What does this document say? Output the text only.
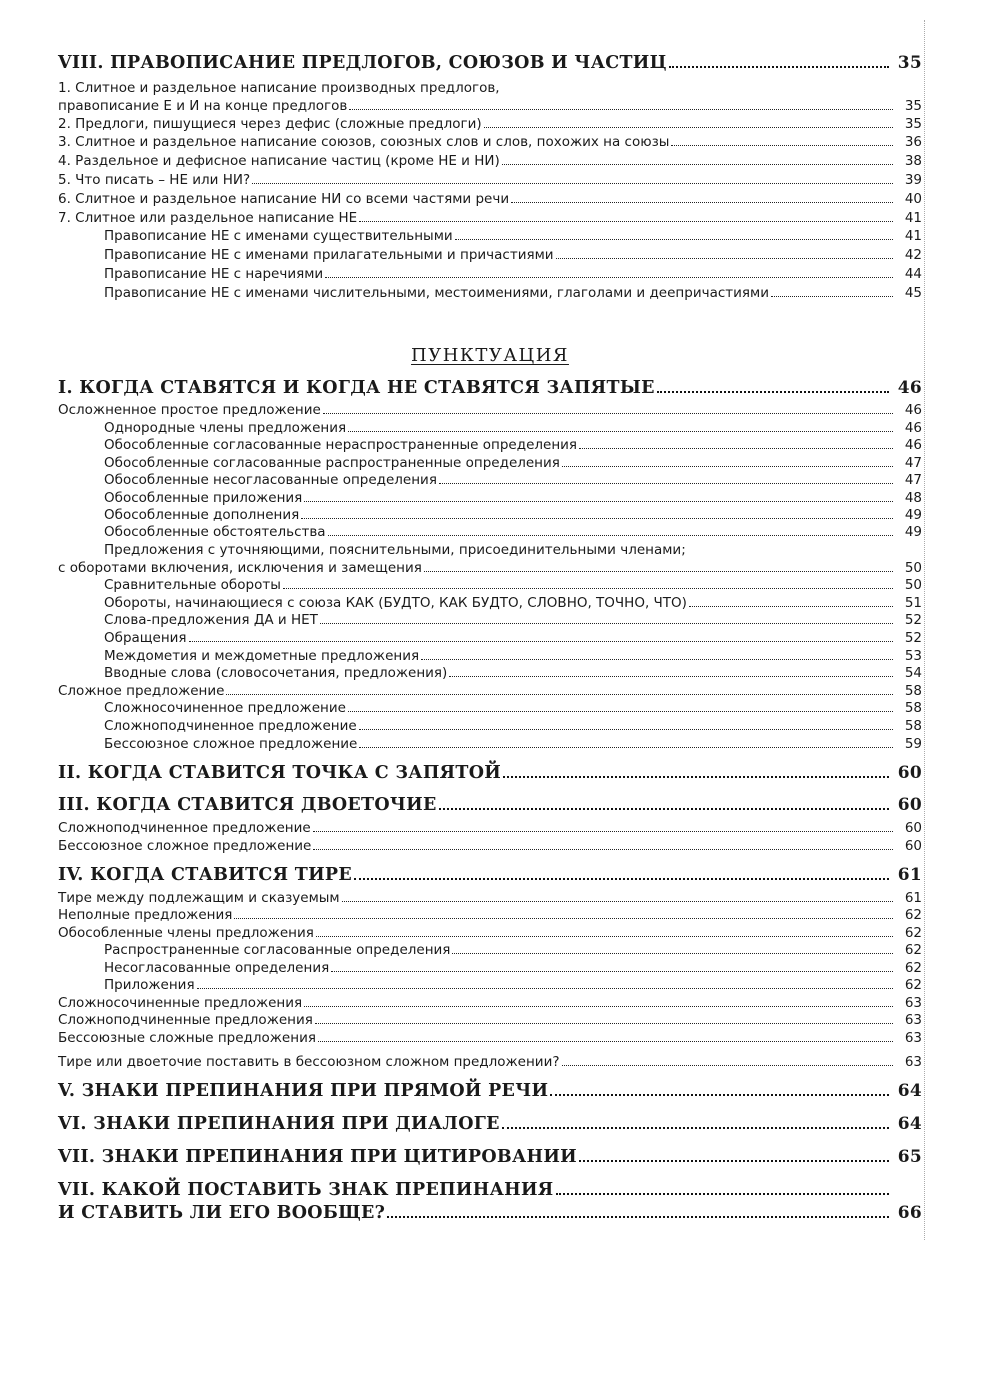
ПУНКТУАЦИЯ
VIII. ПРАВОПИСАНИЕ ПРЕДЛОГОВ, СОЮЗОВ И ЧАСТИЦ	35
1. Слитное и раздельное написание производных предлогов,
правописание Е и И на конце предлогов	35
2. Предлоги, пишущиеся через дефис (сложные предлоги)	35
3. Слитное и раздельное написание союзов, союзных слов и слов, похожих на союзы	36
4. Раздельное и дефисное написание частиц (кроме НЕ и НИ)	38
5. Что писать – НЕ или НИ?	39
6. Слитное и раздельное написание НИ со всеми частями речи	40
7. Слитное или раздельное написание НЕ	41
Правописание НЕ с именами существительными	41
Правописание НЕ с именами прилагательными и причастиями	42
Правописание НЕ с наречиями	44
Правописание НЕ с именами числительными, местоимениями, глаголами и деепричастиями	45
I. КОГДА СТАВЯТСЯ И КОГДА НЕ СТАВЯТСЯ ЗАПЯТЫЕ	46
Осложненное простое предложение	46
Однородные члены предложения	46
Обособленные согласованные нераспространенные определения	46
Обособленные согласованные распространенные определения	47
Обособленные несогласованные определения	47
Обособленные приложения	48
Обособленные дополнения	49
Обособленные обстоятельства	49
Предложения с уточняющими, пояснительными, присоединительными членами;
с оборотами включения, исключения и замещения	50
Сравнительные обороты	50
Обороты, начинающиеся с союза КАК (БУДТО, КАК БУДТО, СЛОВНО, ТОЧНО, ЧТО)	51
Слова-предложения ДА и НЕТ	52
Обращения	52
Междометия и междометные предложения	53
Вводные слова (словосочетания, предложения)	54
Сложное предложение	58
Сложносочиненное предложение	58
Сложноподчиненное предложение	58
Бессоюзное сложное предложение	59
II. КОГДА СТАВИТСЯ ТОЧКА С ЗАПЯТОЙ	60
III. КОГДА СТАВИТСЯ ДВОЕТОЧИЕ	60
Сложноподчиненное предложение	60
Бессоюзное сложное предложение	60
IV. КОГДА СТАВИТСЯ ТИРЕ	61
Тире между подлежащим и сказуемым	61
Неполные предложения	62
Обособленные члены предложения	62
Распространенные согласованные определения	62
Несогласованные определения	62
Приложения	62
Сложносочиненные предложения	63
Сложноподчиненные предложения	63
Бессоюзные сложные предложения	63
Тире или двоеточие поставить в бессоюзном сложном предложении?	63
V. ЗНАКИ ПРЕПИНАНИЯ ПРИ ПРЯМОЙ РЕЧИ	64
VI. ЗНАКИ ПРЕПИНАНИЯ ПРИ ДИАЛОГЕ	64
VII. ЗНАКИ ПРЕПИНАНИЯ ПРИ ЦИТИРОВАНИИ	65
VII. КАКОЙ ПОСТАВИТЬ ЗНАК ПРЕПИНАНИЯ
И СТАВИТЬ ЛИ ЕГО ВООБЩЕ?	66
